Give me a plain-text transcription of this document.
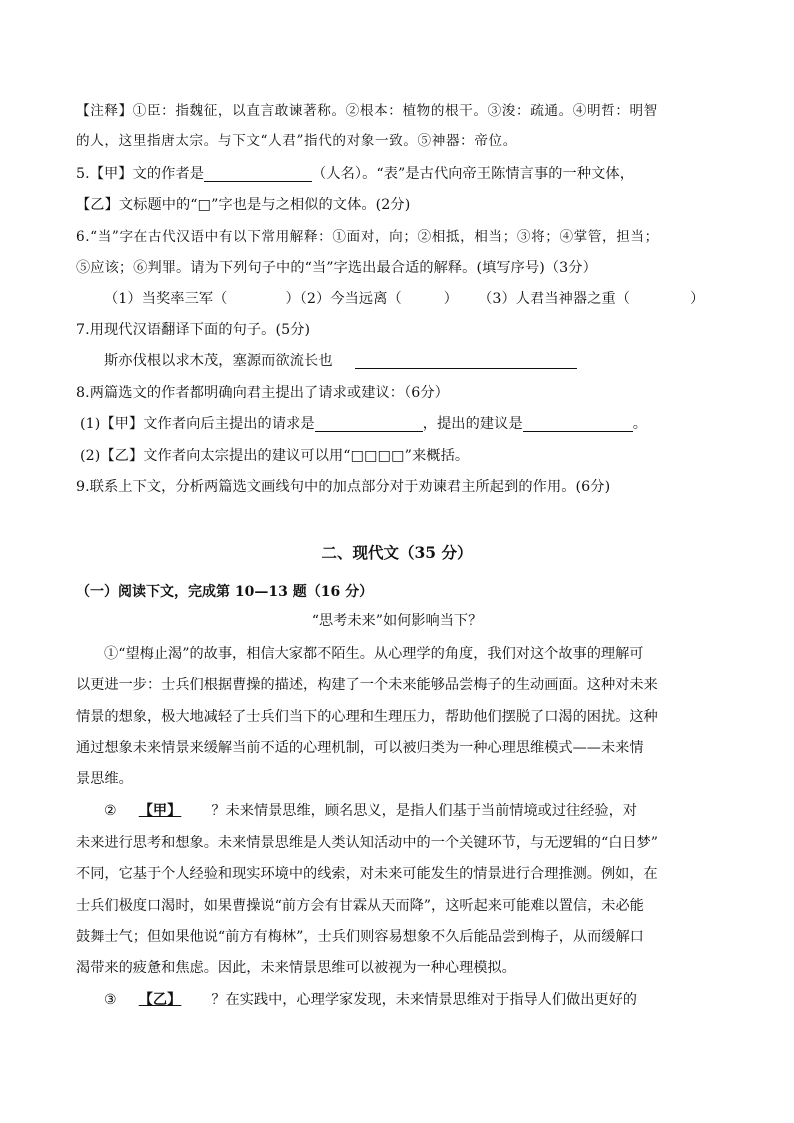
【注释】①臣：指魏征，以直言敢谏著称。②根本：植物的根干。③浚：疏通。④明哲：明智
的人，这里指唐太宗。与下文“人君”指代的对象一致。⑤神器：帝位。
5.【甲】文的作者是	（人名）。“表”是古代向帝王陈情言事的一种文体，
【乙】文标题中的“□”字也是与之相似的文体。(2分)
6.“当”字在古代汉语中有以下常用解释：①面对，向；②相抵，相当；③将；④掌管，担当；
⑤应该；⑥判罪。请为下列句子中的“当”字选出最合适的解释。(填写序号)（3分）
（1）当奖率三军（	）（2）今当远离（	） （3）人君当神器之重（	）
7.用现代汉语翻译下面的句子。(5分)
斯亦伐根以求木茂，塞源而欲流长也
8.两篇选文的作者都明确向君主提出了请求或建议：（6分）
(1)【甲】文作者向后主提出的请求是	，提出的建议是	。
(2)【乙】文作者向太宗提出的建议可以用“□□□□”来概括。
9.联系上下文，分析两篇选文画线句中的加点部分对于劝谏君主所起到的作用。(6分)
二、现代文（35 分）
（一）阅读下文，完成第 10—13 题（16 分）
“思考未来”如何影响当下？
①“望梅止渴”的故事，相信大家都不陌生。从心理学的角度，我们对这个故事的理解可
以更进一步：士兵们根据曹操的描述，构建了一个未来能够品尝梅子的生动画面。这种对未来
情景的想象，极大地减轻了士兵们当下的心理和生理压力，帮助他们摆脱了口渴的困扰。这种
通过想象未来情景来缓解当前不适的心理机制，可以被归类为一种心理思维模式——未来情
景思维。
② 【甲】 ？未来情景思维，顾名思义，是指人们基于当前情境或过往经验，对
未来进行思考和想象。未来情景思维是人类认知活动中的一个关键环节，与无逻辑的“白日梦”
不同，它基于个人经验和现实环境中的线索，对未来可能发生的情景进行合理推测。例如，在
士兵们极度口渴时，如果曹操说“前方会有甘霖从天而降”，这听起来可能难以置信，未必能
鼓舞士气；但如果他说“前方有梅林”，士兵们则容易想象不久后能品尝到梅子，从而缓解口
渴带来的疲惫和焦虑。因此，未来情景思维可以被视为一种心理模拟。
③ 【乙】 ？在实践中，心理学家发现，未来情景思维对于指导人们做出更好的
